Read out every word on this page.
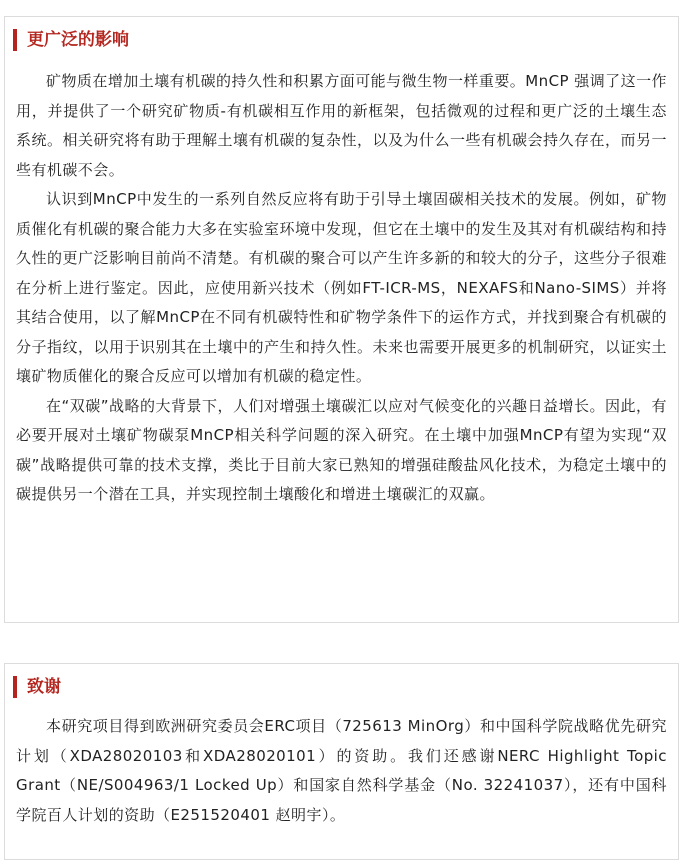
更广泛的影响

矿物质在增加土壤有机碳的持久性和积累方面可能与微生物一样重要。MnCP 强调了这一作用，并提供了一个研究矿物质-有机碳相互作用的新框架，包括微观的过程和更广泛的土壤生态系统。相关研究将有助于理解土壤有机碳的复杂性，以及为什么一些有机碳会持久存在，而另一些有机碳不会。

认识到MnCP中发生的一系列自然反应将有助于引导土壤固碳相关技术的发展。例如，矿物质催化有机碳的聚合能力大多在实验室环境中发现，但它在土壤中的发生及其对有机碳结构和持久性的更广泛影响目前尚不清楚。有机碳的聚合可以产生许多新的和较大的分子，这些分子很难在分析上进行鉴定。因此，应使用新兴技术（例如FT-ICR-MS，NEXAFS和Nano-SIMS）并将其结合使用，以了解MnCP在不同有机碳特性和矿物学条件下的运作方式，并找到聚合有机碳的分子指纹，以用于识别其在土壤中的产生和持久性。未来也需要开展更多的机制研究，以证实土壤矿物质催化的聚合反应可以增加有机碳的稳定性。

在“双碳”战略的大背景下，人们对增强土壤碳汇以应对气候变化的兴趣日益增长。因此，有必要开展对土壤矿物碳泵MnCP相关科学问题的深入研究。在土壤中加强MnCP有望为实现“双碳”战略提供可靠的技术支撑，类比于目前大家已熟知的增强硅酸盐风化技术，为稳定土壤中的碳提供另一个潜在工具，并实现控制土壤酸化和增进土壤碳汇的双赢。

致谢

本研究项目得到欧洲研究委员会ERC项目（725613 MinOrg）和中国科学院战略优先研究计划（XDA28020103和XDA28020101）的资助。我们还感谢NERC Highlight Topic Grant（NE/S004963/1 Locked Up）和国家自然科学基金（No. 32241037），还有中国科学院百人计划的资助（E251520401 赵明宇）。
